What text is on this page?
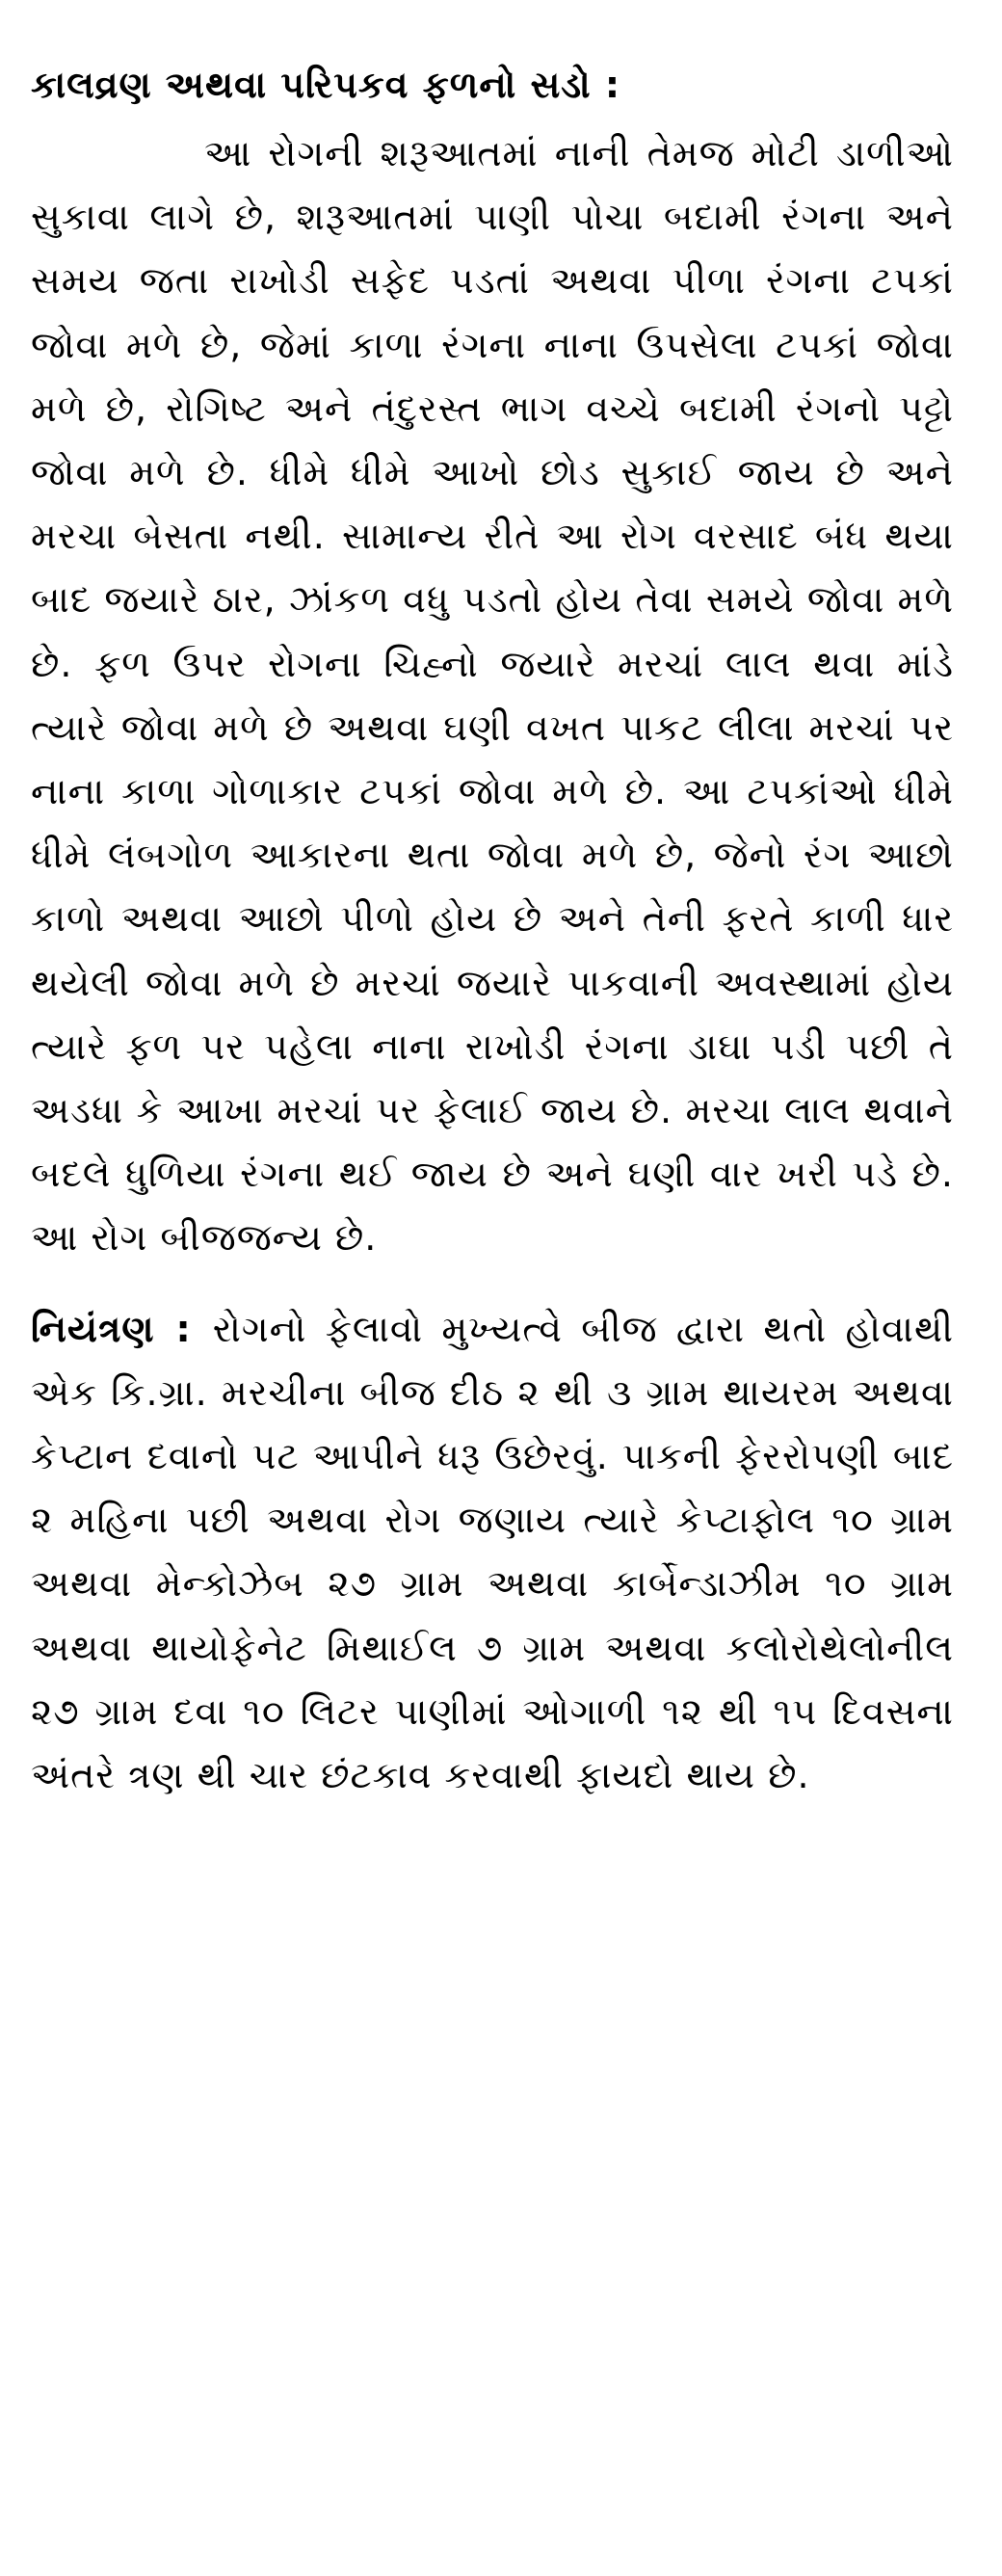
કાલવ્રણ અથવા પરિપકવ ફળનો સડો :

આ રોગની શરૂઆતમાં નાની તેમજ મોટી ડાળીઓ સુકાવા લાગે છે, શરૂઆતમાં પાણી પોચા બદામી રંગના અને સમય જતા રાખોડી સફેદ પડતાં અથવા પીળા રંગના ટપકાં જોવા મળે છે, જેમાં કાળા રંગના નાના ઉપસેલા ટપકાં જોવા મળે છે, રોગિષ્ટ અને તંદુરસ્ત ભાગ વચ્ચે બદામી રંગનો પટ્ટો જોવા મળે છે. ધીમે ધીમે આખો છોડ સુકાઈ જાય છે અને મરચા બેસતા નથી. સામાન્ય રીતે આ રોગ વરસાદ બંધ થયા બાદ જયારે ઠાર, ઝાંકળ વધુ પડતો હોય તેવા સમયે જોવા મળે છે. ફળ ઉપર રોગના ચિહ્નો જયારે મરચાં લાલ થવા માંડે ત્યારે જોવા મળે છે અથવા ઘણી વખત પાકટ લીલા મરચાં પર નાના કાળા ગોળાકાર ટપકાં જોવા મળે છે. આ ટપકાંઓ ધીમે ધીમે લંબગોળ આકારના થતા જોવા મળે છે, જેનો રંગ આછો કાળો અથવા આછો પીળો હોય છે અને તેની ફરતે કાળી ધાર થયેલી જોવા મળે છે મરચાં જયારે પાકવાની અવસ્થામાં હોય ત્યારે ફળ પર પહેલા નાના રાખોડી રંગના ડાઘા પડી પછી તે અડધા કે આખા મરચાં પર ફેલાઈ જાય છે. મરચા લાલ થવાને બદલે ધુળિયા રંગના થઈ જાય છે અને ઘણી વાર ખરી પડે છે. આ રોગ બીજજન્ય છે.

નિયંત્રણ : રોગનો ફેલાવો મુખ્યત્વે બીજ દ્વારા થતો હોવાથી એક કિ.ગ્રા. મરચીના બીજ દીઠ ૨ થી ૩ ગ્રામ થાયરમ અથવા કેપ્ટાન દવાનો પટ આપીને ધરૂ ઉછેરવું. પાકની ફેરરોપણી બાદ ૨ મહિના પછી અથવા રોગ જણાય ત્યારે કેપ્ટાફોલ ૧૦ ગ્રામ અથવા મેન્કોઝેબ ૨૭ ગ્રામ અથવા કાર્બેન્ડાઝીમ ૧૦ ગ્રામ અથવા થાયોફેનેટ મિથાઈલ ૭ ગ્રામ અથવા કલોરોથેલોનીલ ૨૭ ગ્રામ દવા ૧૦ લિટર પાણીમાં ઓગાળી ૧૨ થી ૧૫ દિવસના અંતરે ત્રણ થી ચાર છંટકાવ કરવાથી ફાયદો થાય છે.
